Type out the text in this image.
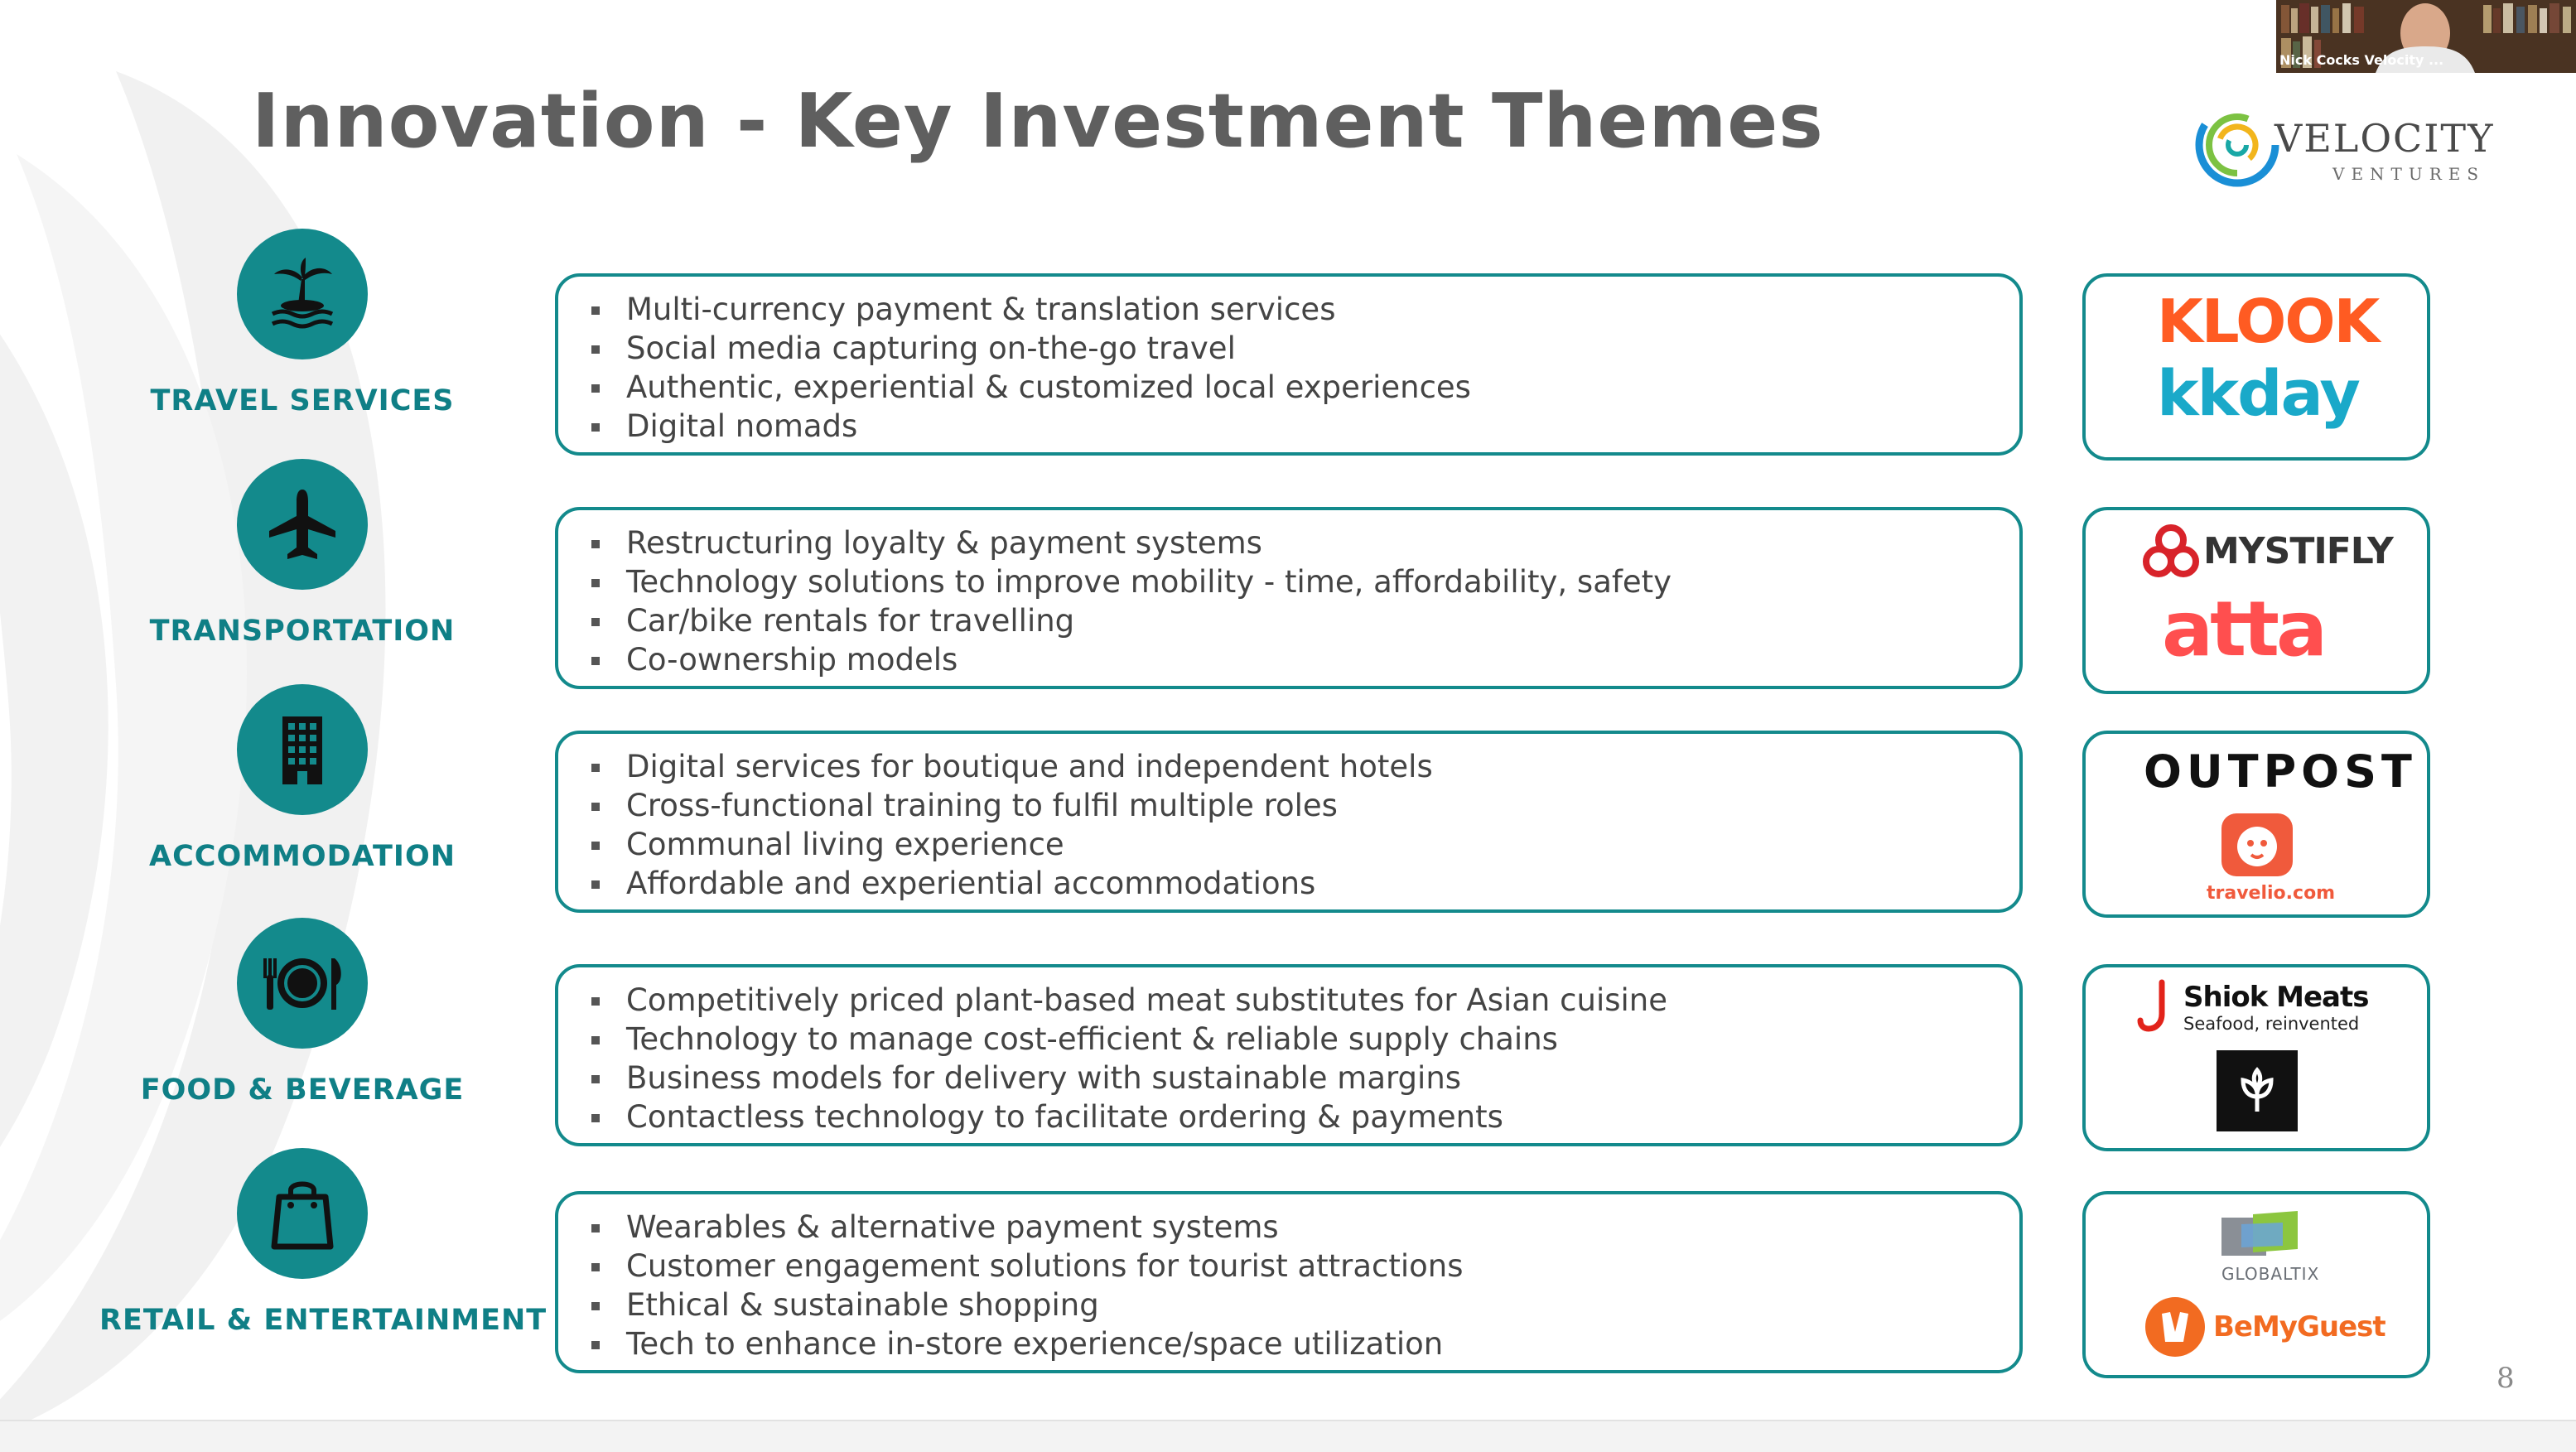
Innovation - Key Investment Themes	VELOCITY
VENTURES
TRAVEL SERVICES
Multi-currency payment & translation services
Social media capturing on-the-go travel
Authentic, experiential & customized local experiences
Digital nomads
KLOOK
kkday
TRANSPORTATION
Restructuring loyalty & payment systems
Technology solutions to improve mobility - time, affordability, safety
Car/bike rentals for travelling
Co-ownership models
MYSTIFLY
atta
ACCOMMODATION
Digital services for boutique and independent hotels
Cross-functional training to fulfil multiple roles
Communal living experience
Affordable and experiential accommodations
OUTPOST
travelio.com
FOOD & BEVERAGE
Competitively priced plant-based meat substitutes for Asian cuisine
Technology to manage cost-efficient & reliable supply chains
Business models for delivery with sustainable margins
Contactless technology to facilitate ordering & payments
Shiok Meats
Seafood, reinvented
RETAIL & ENTERTAINMENT
Wearables & alternative payment systems
Customer engagement solutions for tourist attractions
Ethical & sustainable shopping
Tech to enhance in-store experience/space utilization
GLOBALTIX
BeMyGuest
8
Nick Cocks Velocity ...
